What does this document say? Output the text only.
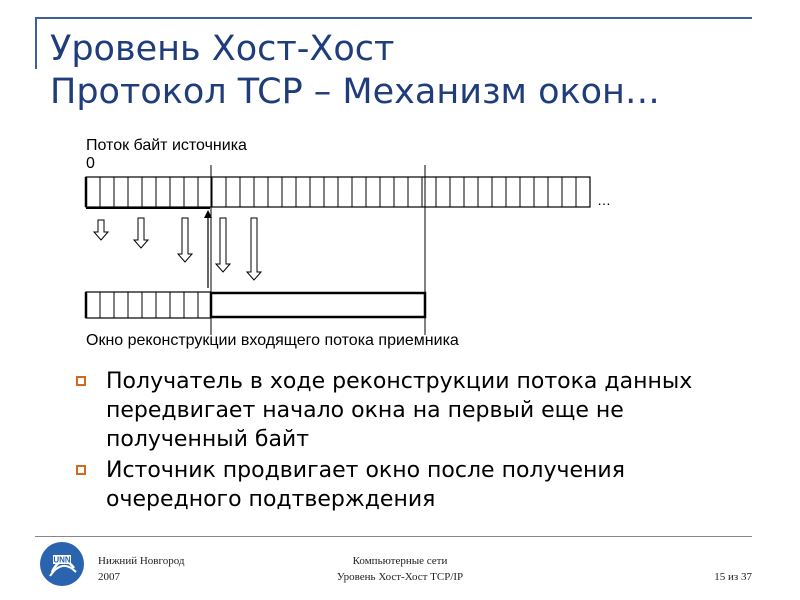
Уровень Хост-Хост
Протокол TCP – Механизм окон…
Поток байт источника
0
…
Окно реконструкции входящего потока приемника
Получатель в ходе реконструкции потока данных передвигает начало окна на первый еще не полученный байт
Источник продвигает окно после получения очередного подтверждения
UNN Нижний Новгород
2007
Компьютерные сети
Уровень Хост-Хост TCP/IP	15 из 37
